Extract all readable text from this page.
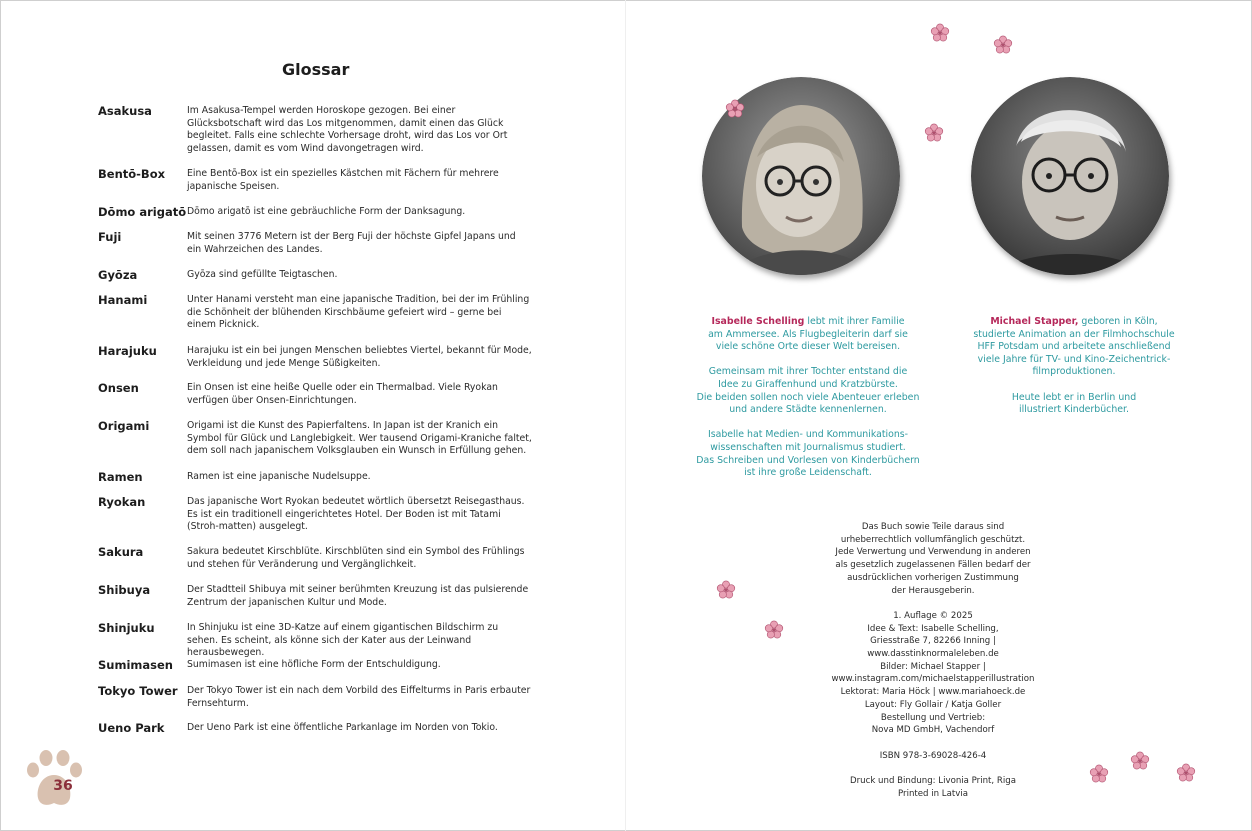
Glossar
Asakusa	Im Asakusa-Tempel werden Horoskope gezogen. Bei einer Glücksbotschaft wird das Los mitgenommen, damit einen das Glück begleitet. Falls eine schlechte Vorhersage droht, wird das Los vor Ort gelassen, damit es vom Wind davongetragen wird.
Bentō-Box Eine Bentō-Box ist ein spezielles Kästchen mit Fächern für mehrere japanische Speisen.
Dōmo arigatō Dōmo arigatō ist eine gebräuchliche Form der Danksagung.
Fuji	Mit seinen 3776 Metern ist der Berg Fuji der höchste Gipfel Japans und ein Wahrzeichen des Landes.
Gyōza	Gyōza sind gefüllte Teigtaschen.
Hanami	Unter Hanami versteht man eine japanische Tradition, bei der im Frühling die Schönheit der blühenden Kirschbäume gefeiert wird – gerne bei einem Picknick.
Harajuku	Harajuku ist ein bei jungen Menschen beliebtes Viertel, bekannt für Mode, Verkleidung und jede Menge Süßigkeiten.
Onsen	Ein Onsen ist eine heiße Quelle oder ein Thermalbad. Viele Ryokan verfügen über Onsen-Einrichtungen.
Origami	Origami ist die Kunst des Papierfaltens. In Japan ist der Kranich ein Symbol für Glück und Langlebigkeit. Wer tausend Origami-Kraniche faltet, dem soll nach japanischem Volksglauben ein Wunsch in Erfüllung gehen.
Ramen	Ramen ist eine japanische Nudelsuppe.
Ryokan	Das japanische Wort Ryokan bedeutet wörtlich übersetzt Reisegasthaus. Es ist ein traditionell eingerichtetes Hotel. Der Boden ist mit Tatami (Stroh-matten) ausgelegt.
Sakura	Sakura bedeutet Kirschblüte. Kirschblüten sind ein Symbol des Frühlings und stehen für Veränderung und Vergänglichkeit.
Shibuya	Der Stadtteil Shibuya mit seiner berühmten Kreuzung ist das pulsierende Zentrum der japanischen Kultur und Mode.
Shinjuku	In Shinjuku ist eine 3D-Katze auf einem gigantischen Bildschirm zu sehen. Es scheint, als könne sich der Kater aus der Leinwand herausbewegen.
Sumimasen Sumimasen ist eine höfliche Form der Entschuldigung.
Tokyo Tower Der Tokyo Tower ist ein nach dem Vorbild des Eiffelturms in Paris erbauter Fernsehturm.
Ueno Park Der Ueno Park ist eine öffentliche Parkanlage im Norden von Tokio.
36

Isabelle Schelling lebt mit ihrer Familie
am Ammersee. Als Flugbegleiterin darf sie
viele schöne Orte dieser Welt bereisen.

Gemeinsam mit ihrer Tochter entstand die
Idee zu Giraffenhund und Kratzbürste.
Die beiden sollen noch viele Abenteuer erleben
und andere Städte kennenlernen.

Isabelle hat Medien- und Kommunikations-
wissenschaften mit Journalismus studiert.
Das Schreiben und Vorlesen von Kinderbüchern
ist ihre große Leidenschaft.

Michael Stapper, geboren in Köln,
studierte Animation an der Filmhochschule
HFF Potsdam und arbeitete anschließend
viele Jahre für TV- und Kino-Zeichentrick-
filmproduktionen.

Heute lebt er in Berlin und
illustriert Kinderbücher.

Das Buch sowie Teile daraus sind
urheberrechtlich vollumfänglich geschützt.
Jede Verwertung und Verwendung in anderen
als gesetzlich zugelassenen Fällen bedarf der
ausdrücklichen vorherigen Zustimmung
der Herausgeberin.

1. Auflage © 2025
Idee & Text: Isabelle Schelling,
Griesstraße 7, 82266 Inning |
www.dasstinknormaleleben.de
Bilder: Michael Stapper |
www.instagram.com/michaelstapperillustration
Lektorat: Maria Höck | www.mariahoeck.de
Layout: Fly Gollair / Katja Goller
Bestellung und Vertrieb:
Nova MD GmbH, Vachendorf

ISBN 978-3-69028-426-4

Druck und Bindung: Livonia Print, Riga
Printed in Latvia
